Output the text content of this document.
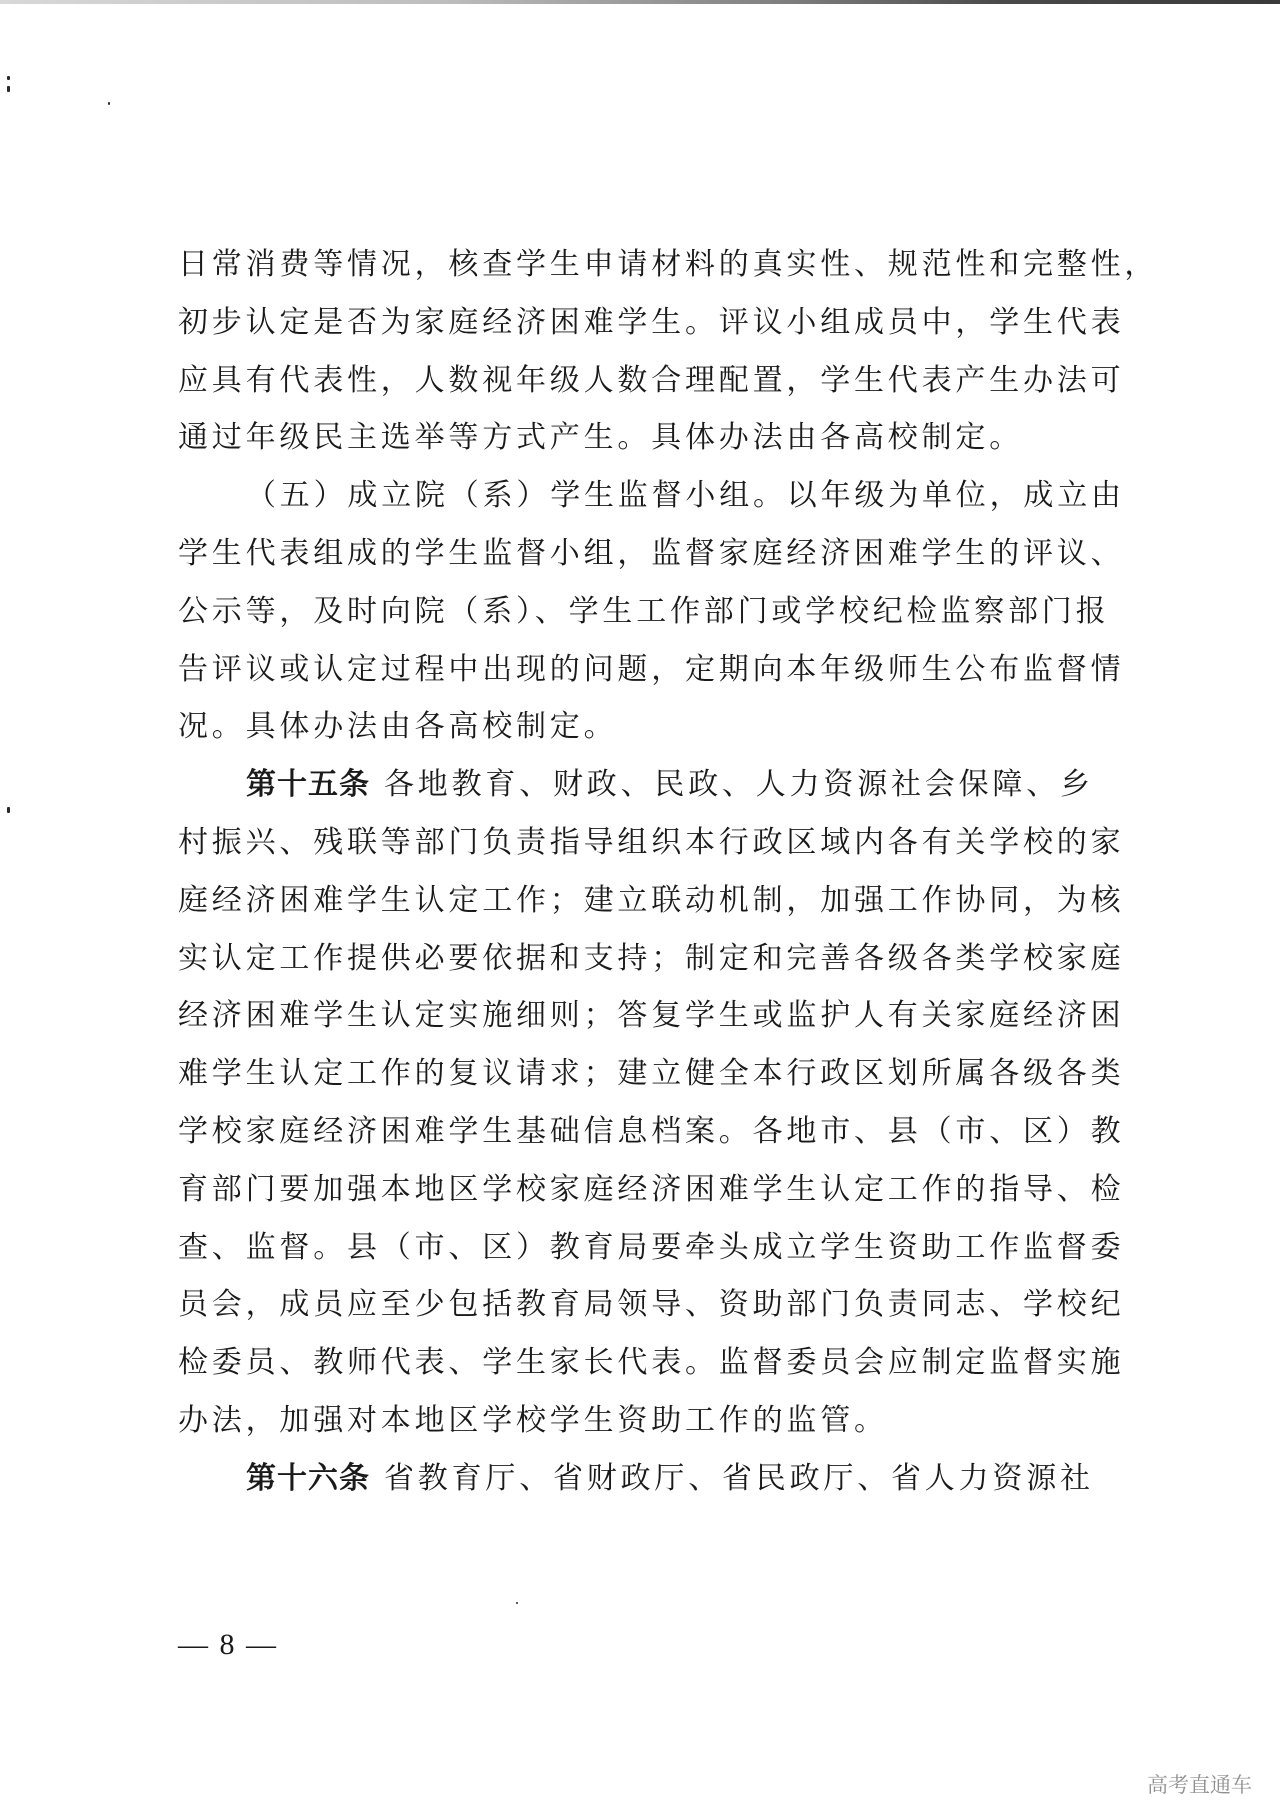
日常消费等情况，核查学生申请材料的真实性、规范性和完整性，
初步认定是否为家庭经济困难学生。评议小组成员中，学生代表
应具有代表性，人数视年级人数合理配置，学生代表产生办法可
通过年级民主选举等方式产生。具体办法由各高校制定。
（五）成立院（系）学生监督小组。以年级为单位，成立由
学生代表组成的学生监督小组，监督家庭经济困难学生的评议、
公示等，及时向院（系）、学生工作部门或学校纪检监察部门报
告评议或认定过程中出现的问题，定期向本年级师生公布监督情
况。具体办法由各高校制定。
第十五条 各地教育、财政、民政、人力资源社会保障、乡
村振兴、残联等部门负责指导组织本行政区域内各有关学校的家
庭经济困难学生认定工作；建立联动机制，加强工作协同，为核
实认定工作提供必要依据和支持；制定和完善各级各类学校家庭
经济困难学生认定实施细则；答复学生或监护人有关家庭经济困
难学生认定工作的复议请求；建立健全本行政区划所属各级各类
学校家庭经济困难学生基础信息档案。各地市、县（市、区）教
育部门要加强本地区学校家庭经济困难学生认定工作的指导、检
查、监督。县（市、区）教育局要牵头成立学生资助工作监督委
员会，成员应至少包括教育局领导、资助部门负责同志、学校纪
检委员、教师代表、学生家长代表。监督委员会应制定监督实施
办法，加强对本地区学校学生资助工作的监管。
第十六条 省教育厅、省财政厅、省民政厅、省人力资源社
— 8 —
高考直通车
